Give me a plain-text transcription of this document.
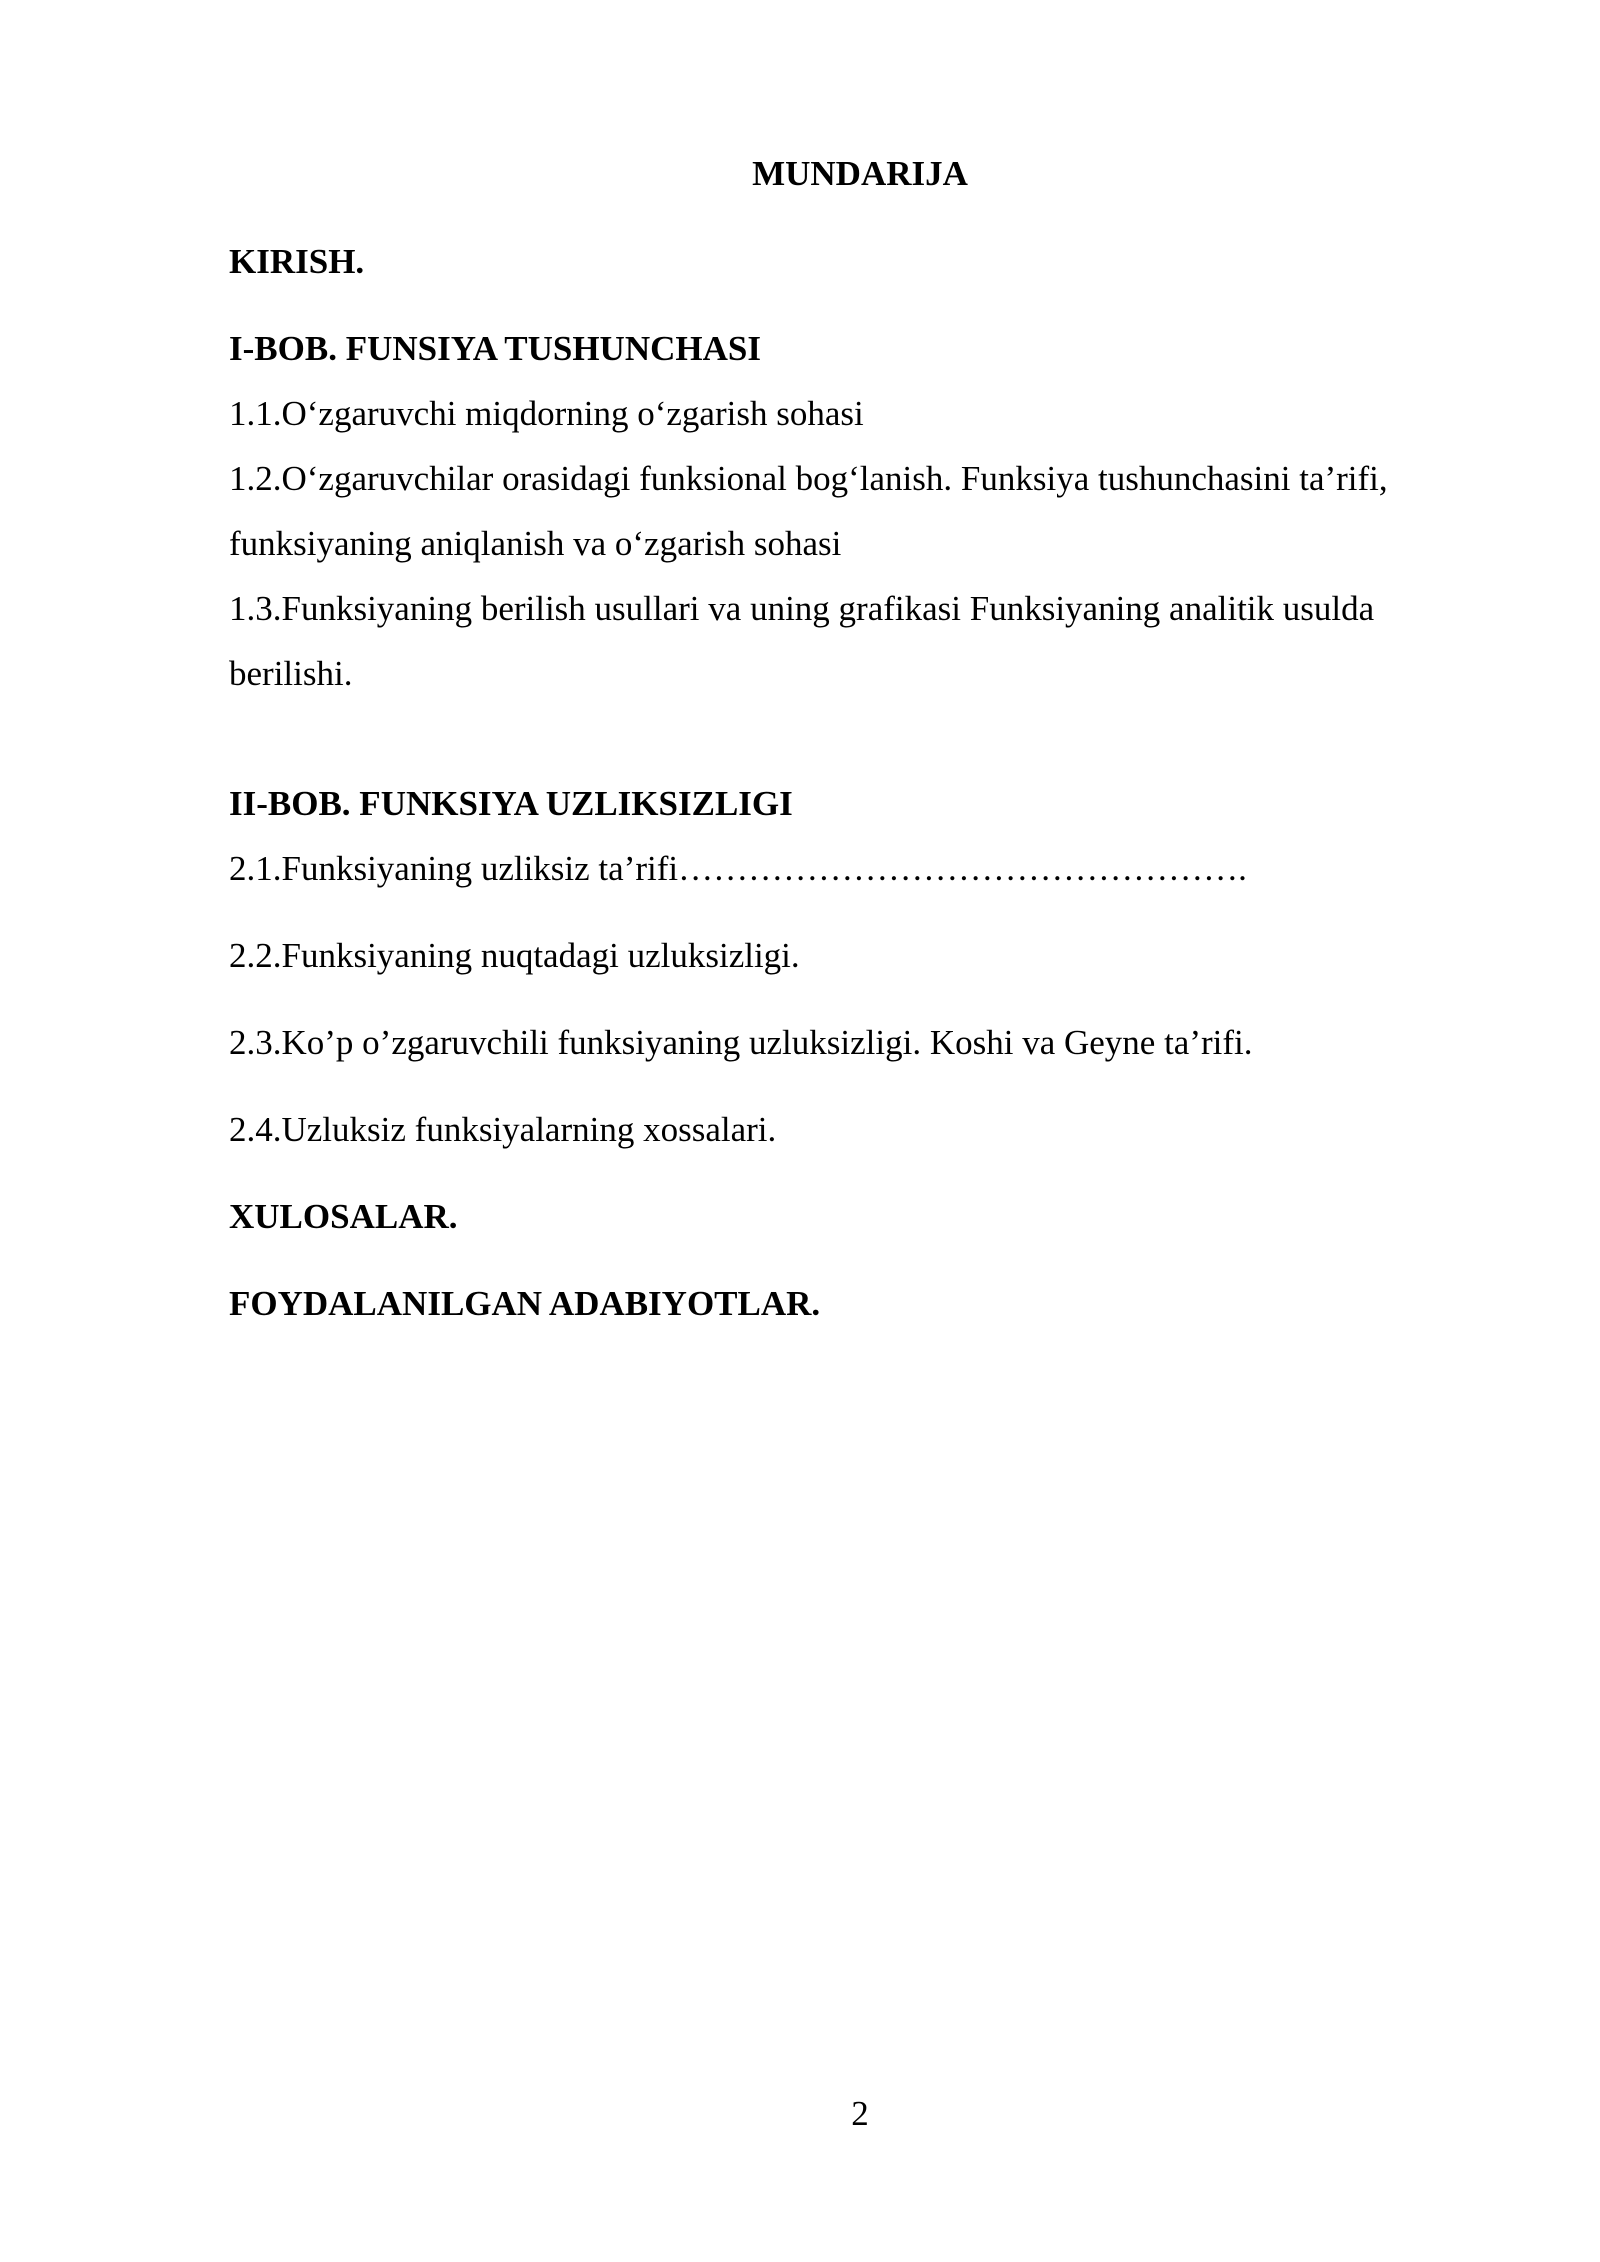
MUNDARIJA

KIRISH.

I-BOB. FUNSIYA TUSHUNCHASI

1.1.O‘zgaruvchi miqdorning o‘zgarish sohasi

1.2.O‘zgaruvchilar orasidagi funksional bog‘lanish. Funksiya tushunchasini ta’rifi,

funksiyaning aniqlanish va o‘zgarish sohasi

1.3.Funksiyaning berilish usullari va uning grafikasi Funksiyaning analitik usulda

berilishi.

II-BOB. FUNKSIYA UZLIKSIZLIGI

2.1.Funksiyaning uzliksiz ta’rifi………………………………………….

2.2.Funksiyaning nuqtadagi uzluksizligi.

2.3.Ko’p o’zgaruvchili funksiyaning uzluksizligi. Koshi va Geyne ta’rifi.

2.4.Uzluksiz funksiyalarning xossalari.

XULOSALAR.

FOYDALANILGAN ADABIYOTLAR.

2
